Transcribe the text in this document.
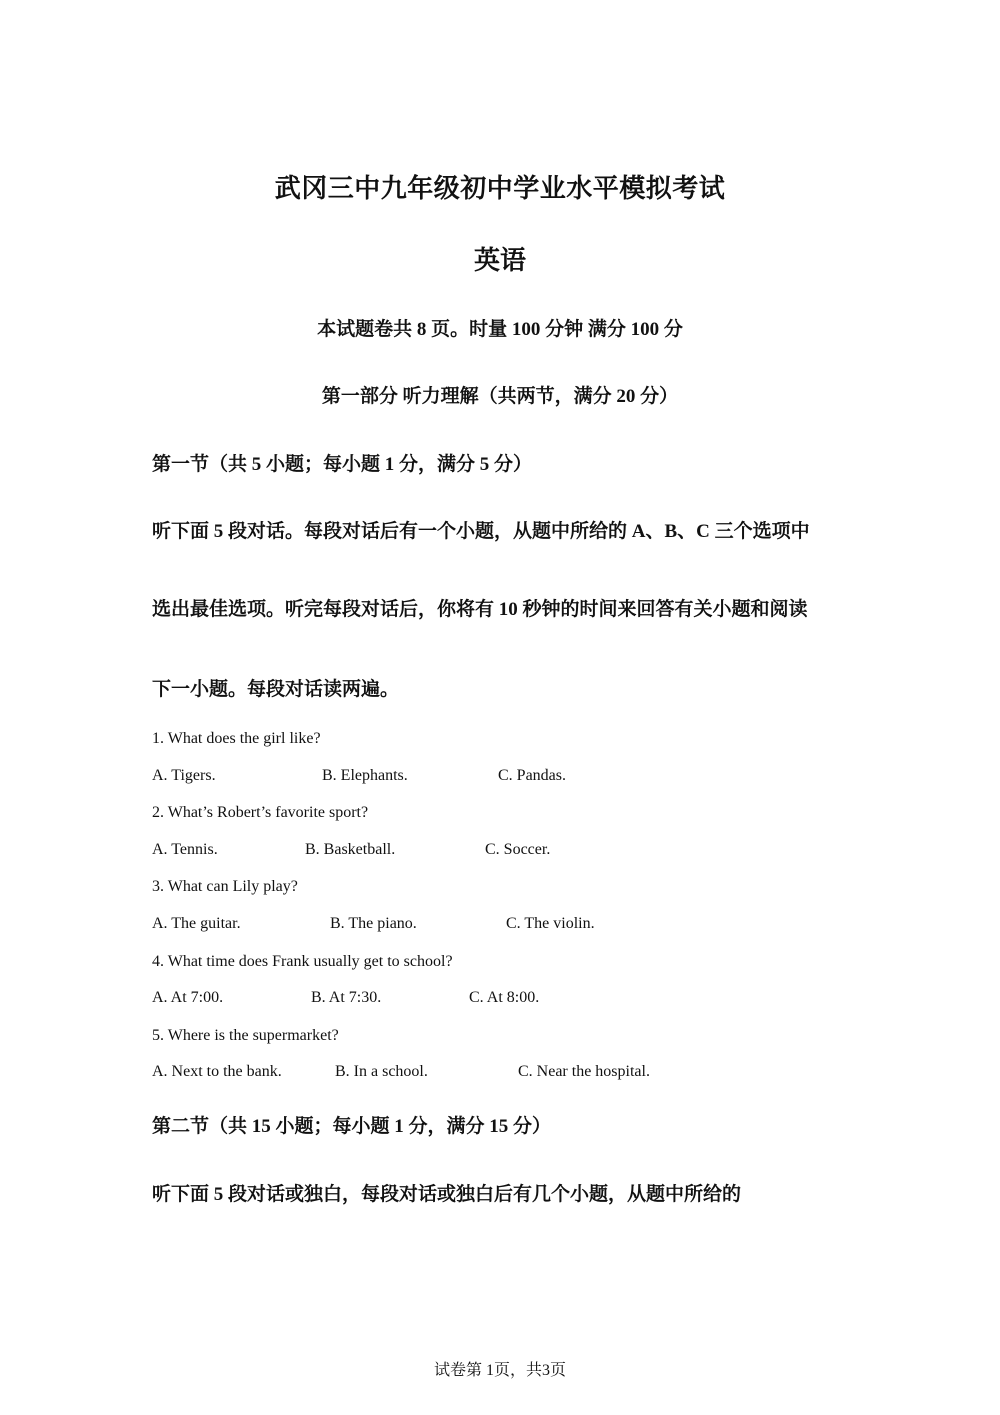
武冈三中九年级初中学业水平模拟考试
英语
本试题卷共 8 页。时量 100 分钟 满分 100 分
第一部分 听力理解（共两节，满分 20 分）
第一节（共 5 小题；每小题 1 分，满分 5 分）
听下面 5 段对话。每段对话后有一个小题，从题中所给的 A、B、C 三个选项中
选出最佳选项。听完每段对话后，你将有 10 秒钟的时间来回答有关小题和阅读
下一小题。每段对话读两遍。
1. What does the girl like?
A. Tigers.	B. Elephants.	C. Pandas.
2. What’s Robert’s favorite sport?
A. Tennis.	B. Basketball.	C. Soccer.
3. What can Lily play?
A. The guitar.	B. The piano.	C. The violin.
4. What time does Frank usually get to school?
A. At 7:00.	B. At 7:30.	C. At 8:00.
5. Where is the supermarket?
A. Next to the bank.	B. In a school.	C. Near the hospital.
第二节（共 15 小题；每小题 1 分，满分 15 分）
听下面 5 段对话或独白，每段对话或独白后有几个小题，从题中所给的
试卷第 1页，共3页
